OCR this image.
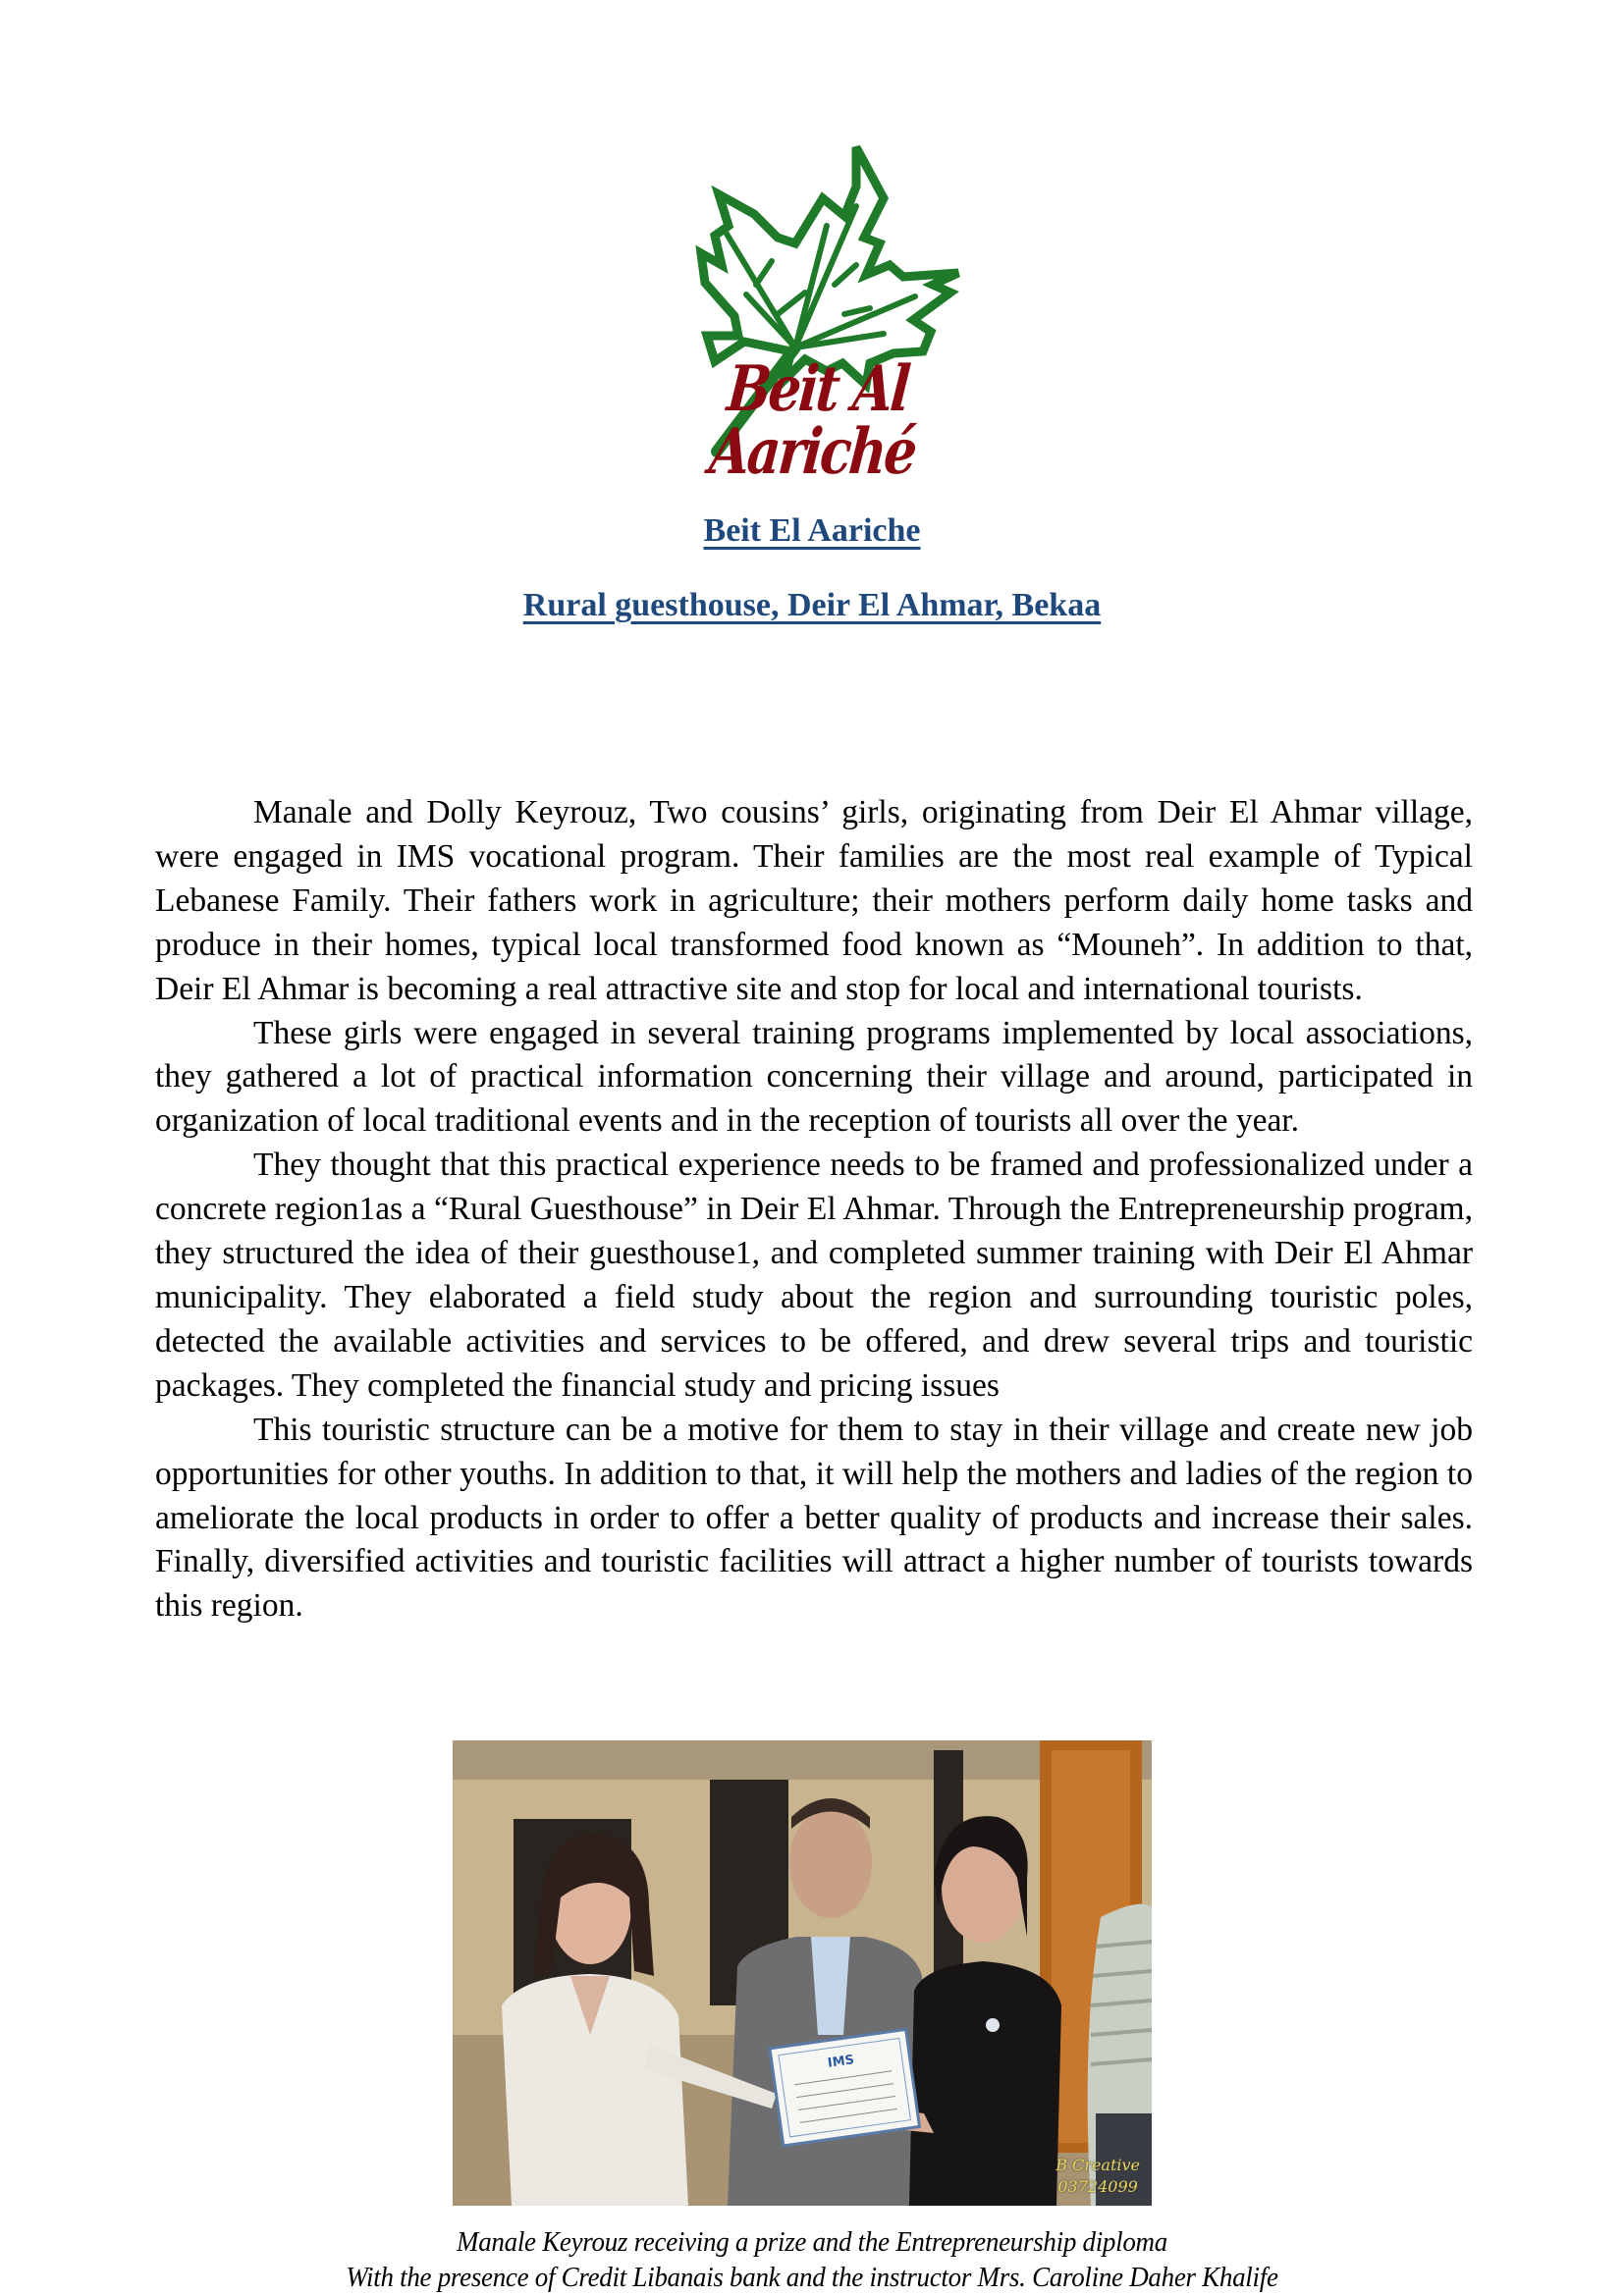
Beit Al Aariché
Beit El Aariche
Rural guesthouse, Deir El Ahmar, Bekaa

Manale and Dolly Keyrouz, Two cousins’ girls, originating from Deir El Ahmar village, were engaged in IMS vocational program. Their families are the most real example of Typical Lebanese Family. Their fathers work in agriculture; their mothers perform daily home tasks and produce in their homes, typical local transformed food known as “Mouneh”. In addition to that, Deir El Ahmar is becoming a real attractive site and stop for local and international tourists.

These girls were engaged in several training programs implemented by local associations, they gathered a lot of practical information concerning their village and around, participated in organization of local traditional events and in the reception of tourists all over the year.

They thought that this practical experience needs to be framed and professionalized under a concrete region1as a “Rural Guesthouse” in Deir El Ahmar. Through the Entrepreneurship program, they structured the idea of their guesthouse1, and completed summer training with Deir El Ahmar municipality. They elaborated a field study about the region and surrounding touristic poles, detected the available activities and services to be offered, and drew several trips and touristic packages. They completed the financial study and pricing issues

This touristic structure can be a motive for them to stay in their village and create new job opportunities for other youths. In addition to that, it will help the mothers and ladies of the region to ameliorate the local products in order to offer a better quality of products and increase their sales. Finally, diversified activities and touristic facilities will attract a higher number of tourists towards this region.

IMS
B Creative
03724099
Manale Keyrouz receiving a prize and the Entrepreneurship diploma
With the presence of Credit Libanais bank and the instructor Mrs. Caroline Daher Khalife
